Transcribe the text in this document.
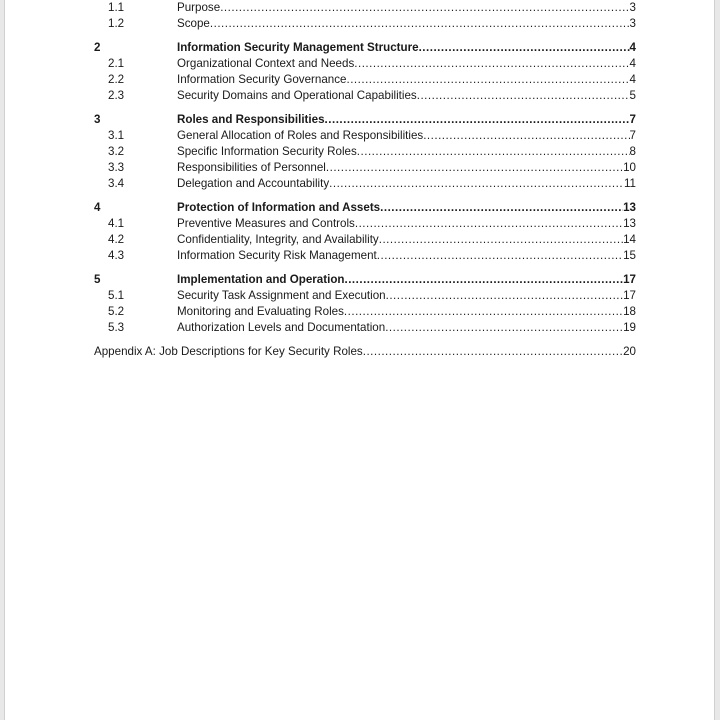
1.1	Purpose .....	3
1.2	Scope .....	3
2	Information Security Management Structure .....	4
2.1	Organizational Context and Needs .....	4
2.2	Information Security Governance .....	4
2.3	Security Domains and Operational Capabilities .....	5
3	Roles and Responsibilities .....	7
3.1	General Allocation of Roles and Responsibilities .....	7
3.2	Specific Information Security Roles .....	8
3.3	Responsibilities of Personnel .....	10
3.4	Delegation and Accountability .....	11
4	Protection of Information and Assets .....	13
4.1	Preventive Measures and Controls .....	13
4.2	Confidentiality, Integrity, and Availability .....	14
4.3	Information Security Risk Management .....	15
5	Implementation and Operation .....	17
5.1	Security Task Assignment and Execution .....	17
5.2	Monitoring and Evaluating Roles .....	18
5.3	Authorization Levels and Documentation .....	19
Appendix A: Job Descriptions for Key Security Roles .....	20
